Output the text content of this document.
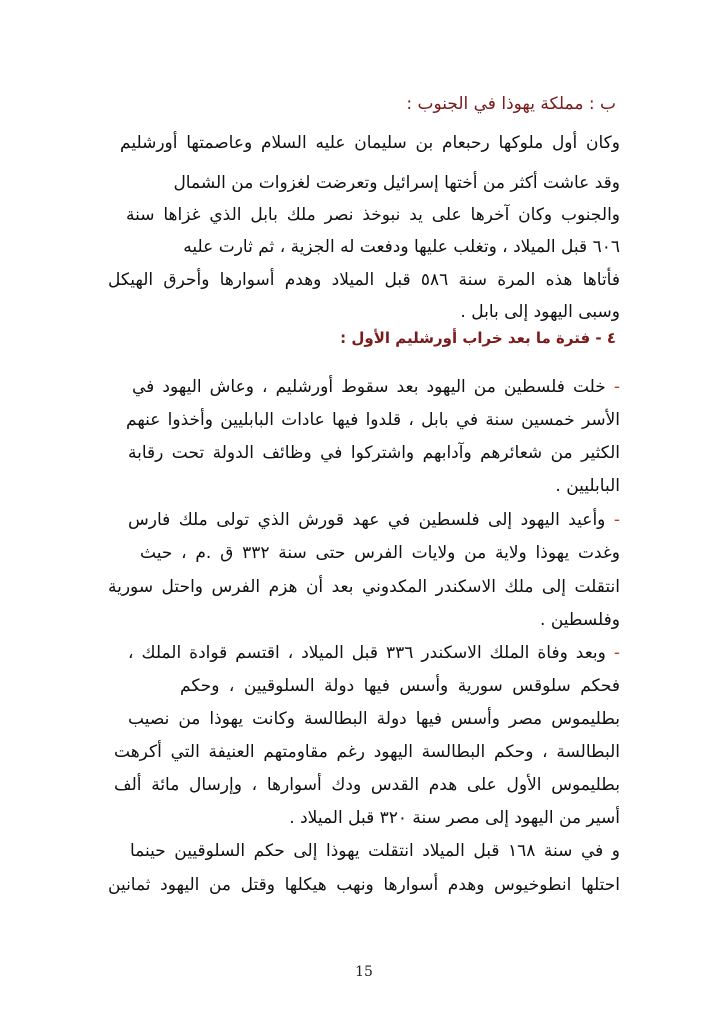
ب : مملكة يهوذا في الجنوب :
وكان أول ملوكها رحبعام بن سليمان عليه السلام وعاصمتها أورشليم
وقد عاشت أكثر من أختها إسرائيل وتعرضت لغزوات من الشمال
والجنوب وكان آخرها على يد نبوخذ نصر ملك بابل الذي غزاها سنة
٦٠٦ قبل الميلاد ، وتغلب عليها ودفعت له الجزية ، ثم ثارت عليه
فأتاها هذه المرة سنة ٥٨٦ قبل الميلاد وهدم أسوارها وأحرق الهيكل
وسبى اليهود إلى بابل .
٤ - فترة ما بعد خراب أورشليم الأول :
- خلت فلسطين من اليهود بعد سقوط أورشليم ، وعاش اليهود في
الأسر خمسين سنة في بابل ، قلدوا فيها عادات البابليين وأخذوا عنهم
الكثير من شعائرهم وآدابهم واشتركوا في وظائف الدولة تحت رقابة
البابليين .
- وأعيد اليهود إلى فلسطين في عهد قورش الذي تولى ملك فارس
وغدت يهوذا ولاية من ولايات الفرس حتى سنة ٣٣٢ ق .م ، حيث
انتقلت إلى ملك الاسكندر المكدوني بعد أن هزم الفرس واحتل سورية
وفلسطين .
- وبعد وفاة الملك الاسكندر ٣٣٦ قبل الميلاد ، اقتسم قوادة الملك ،
فحكم سلوقس سورية وأسس فيها دولة السلوقيين ، وحكم
بطليموس مصر وأسس فيها دولة البطالسة وكانت يهوذا من نصيب
البطالسة ، وحكم البطالسة اليهود رغم مقاومتهم العنيفة التي أكرهت
بطليموس الأول على هدم القدس ودك أسوارها ، وإرسال مائة ألف
أسير من اليهود إلى مصر سنة ٣٢٠ قبل الميلاد .
و في سنة ١٦٨ قبل الميلاد انتقلت يهوذا إلى حكم السلوقيين حينما
احتلها انطوخيوس وهدم أسوارها ونهب هيكلها وقتل من اليهود ثمانين
15
